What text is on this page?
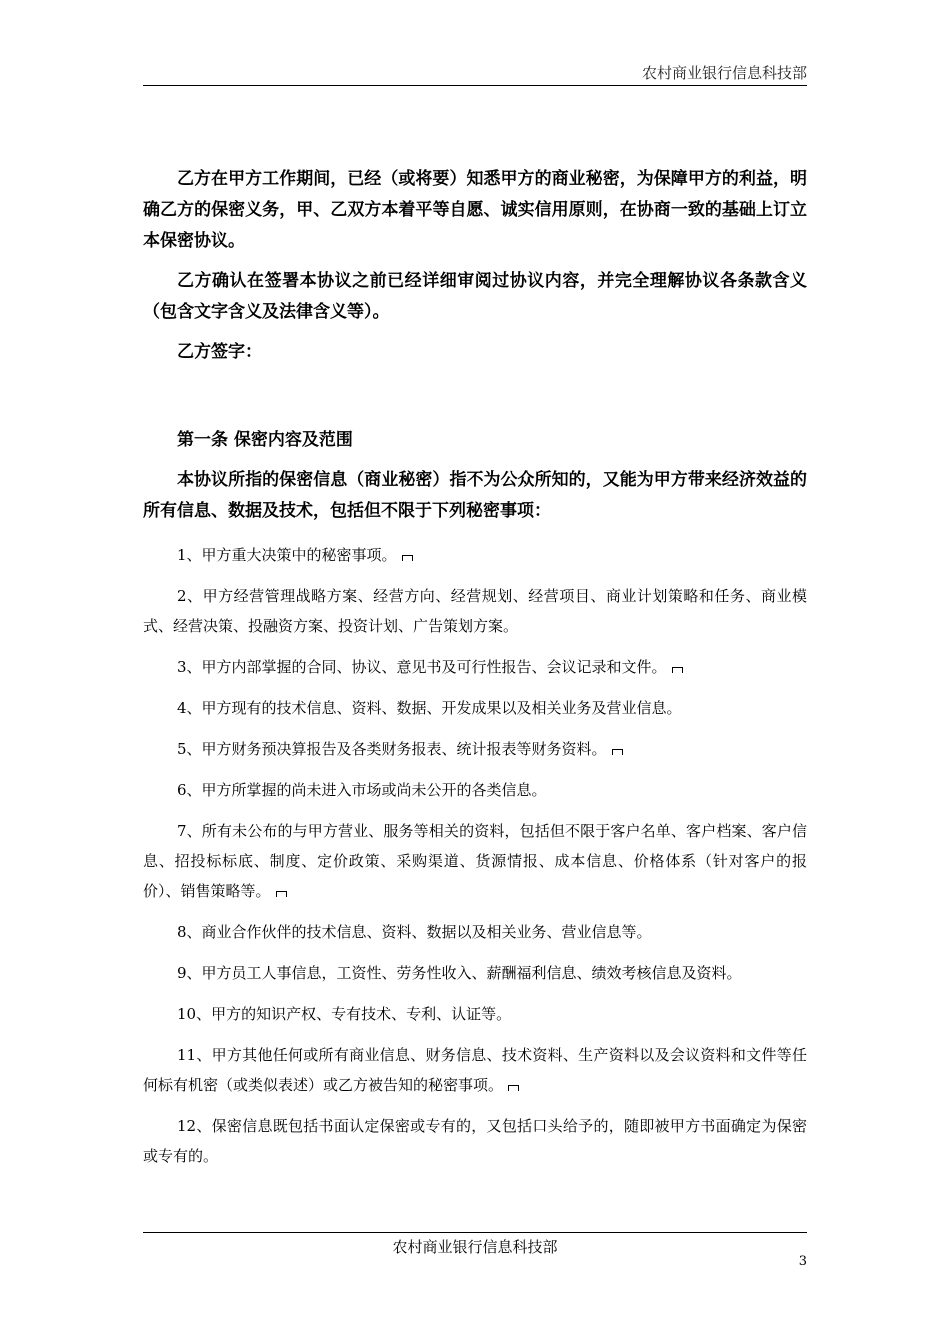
农村商业银行信息科技部

乙方在甲方工作期间，已经（或将要）知悉甲方的商业秘密，为保障甲方的利益，明确乙方的保密义务，甲、乙双方本着平等自愿、诚实信用原则，在协商一致的基础上订立本保密协议。

乙方确认在签署本协议之前已经详细审阅过协议内容，并完全理解协议各条款含义（包含文字含义及法律含义等）。

乙方签字：

第一条 保密内容及范围

本协议所指的保密信息（商业秘密）指不为公众所知的，又能为甲方带来经济效益的所有信息、数据及技术，包括但不限于下列秘密事项：

1、甲方重大决策中的秘密事项。

2、甲方经营管理战略方案、经营方向、经营规划、经营项目、商业计划策略和任务、商业模式、经营决策、投融资方案、投资计划、广告策划方案。

3、甲方内部掌握的合同、协议、意见书及可行性报告、会议记录和文件。

4、甲方现有的技术信息、资料、数据、开发成果以及相关业务及营业信息。

5、甲方财务预决算报告及各类财务报表、统计报表等财务资料。

6、甲方所掌握的尚未进入市场或尚未公开的各类信息。

7、所有未公布的与甲方营业、服务等相关的资料，包括但不限于客户名单、客户档案、客户信息、招投标标底、制度、定价政策、采购渠道、货源情报、成本信息、价格体系（针对客户的报价）、销售策略等。

8、商业合作伙伴的技术信息、资料、数据以及相关业务、营业信息等。

9、甲方员工人事信息，工资性、劳务性收入、薪酬福利信息、绩效考核信息及资料。

10、甲方的知识产权、专有技术、专利、认证等。

11、甲方其他任何或所有商业信息、财务信息、技术资料、生产资料以及会议资料和文件等任何标有机密（或类似表述）或乙方被告知的秘密事项。

12、保密信息既包括书面认定保密或专有的，又包括口头给予的，随即被甲方书面确定为保密或专有的。

农村商业银行信息科技部
3
